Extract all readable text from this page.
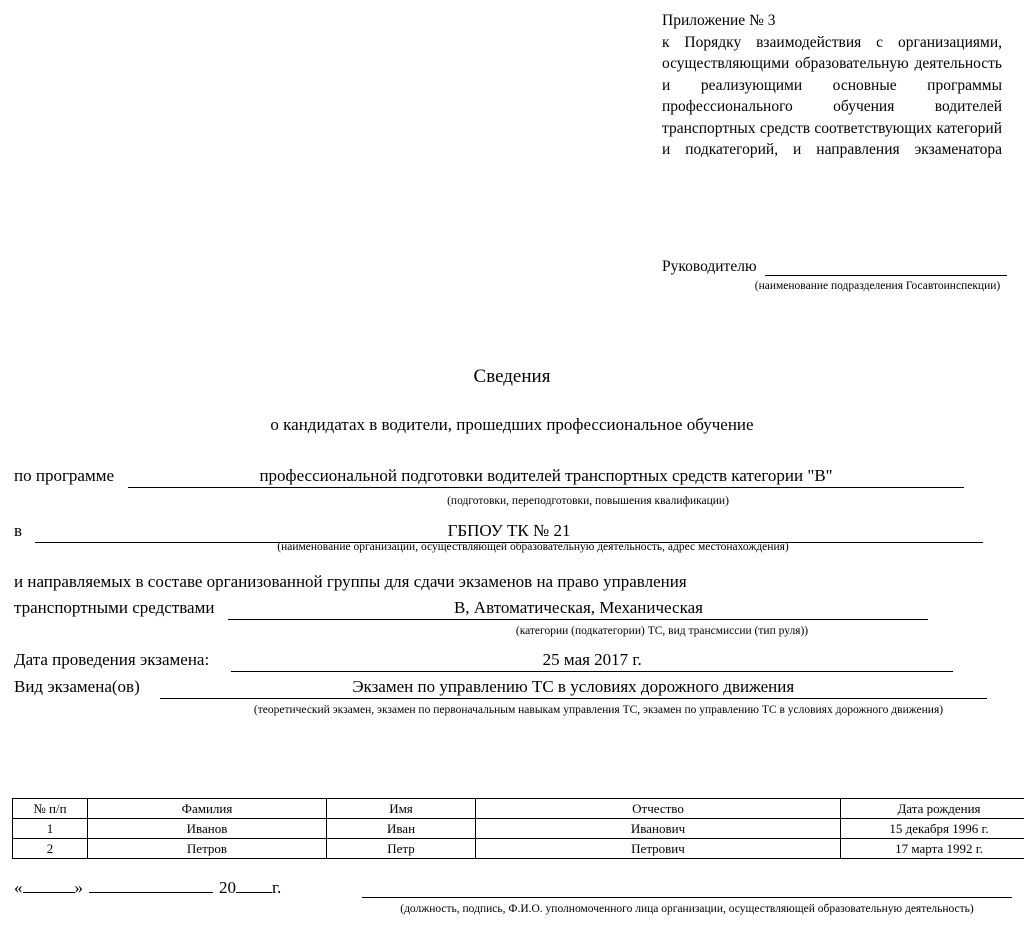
Приложение № 3

к Порядку взаимодействия с организациями, осуществляющими образовательную деятельность и реализующими основные программы профессионального обучения водителей транспортных средств соответствующих категорий и подкатегорий, и направления экзаменатора

Руководителю
(наименование подразделения Госавтоинспекции)
Сведения
о кандидатах в водители, прошедших профессиональное обучение
по программе	профессиональной подготовки водителей транспортных средств категории "В"
(подготовки, переподготовки, повышения квалификации)
в	ГБПОУ ТК № 21
(наименование организации, осуществляющей образовательную деятельность, адрес местонахождения)
и направляемых в составе организованной группы для сдачи экзаменов на право управления
транспортными средствами	В, Автоматическая, Механическая
(категории (подкатегории) ТС, вид трансмиссии (тип руля))
Дата проведения экзамена:	25 мая 2017 г.
Вид экзамена(ов)	Экзамен по управлению ТС в условиях дорожного движения
(теоретический экзамен, экзамен по первоначальным навыкам управления ТС, экзамен по управлению ТС в условиях дорожного движения)
№ п/п	Фамилия	Имя	Отчество	Дата рождения
1	Иванов	Иван	Иванович	15 декабря 1996 г.
2	Петров	Петр	Петрович	17 марта 1992 г.
«	»	20 г.
(должность, подпись, Ф.И.О. уполномоченного лица организации, осуществляющей образовательную деятельность)
